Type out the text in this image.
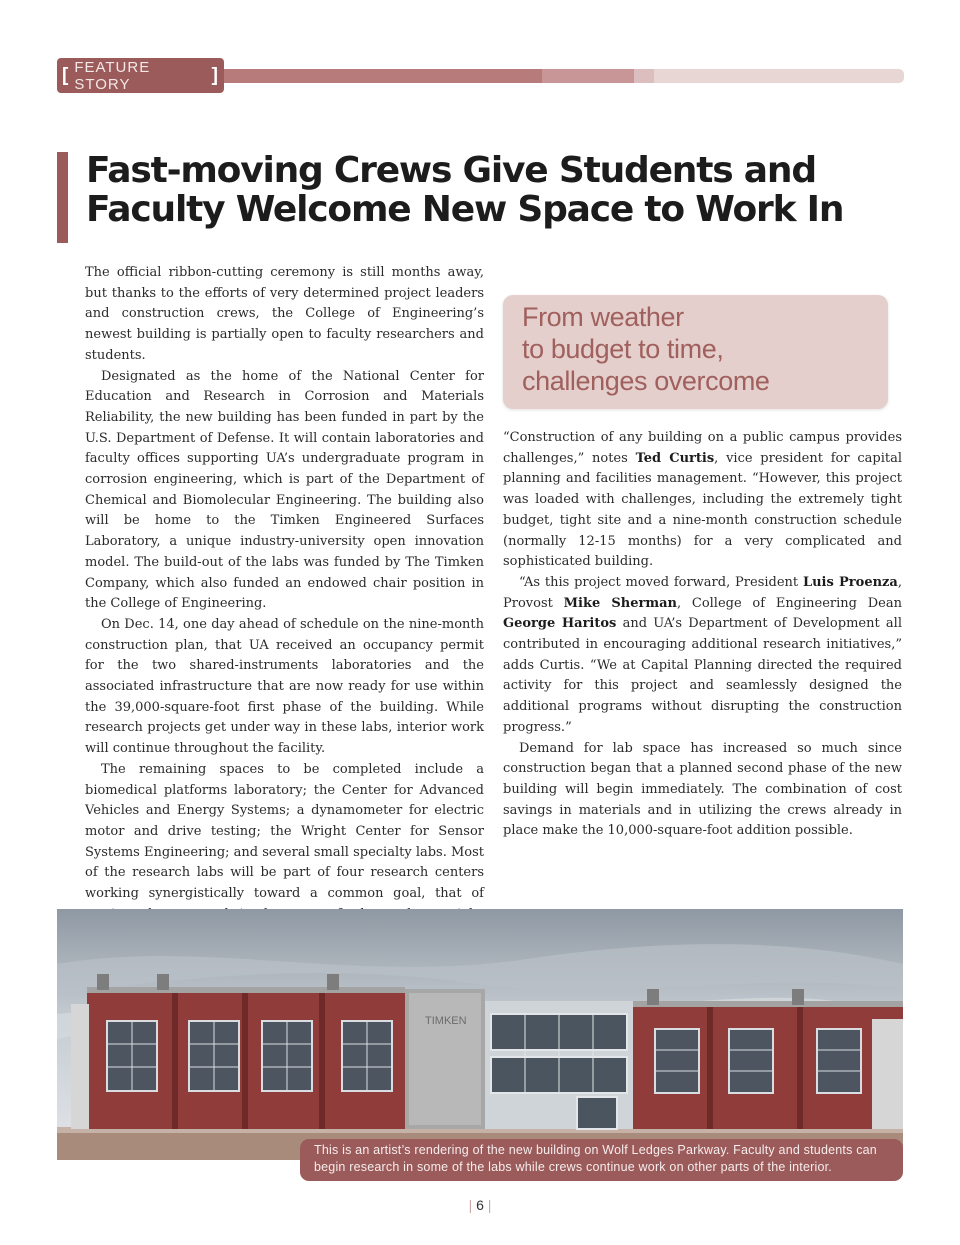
[ FEATURE STORY	]
Fast-moving Crews Give Students and Faculty Welcome New Space to Work In

The official ribbon-cutting ceremony is still months away, but thanks to the efforts of very determined project leaders and construction crews, the College of Engineering’s newest building is partially open to faculty researchers and students.

Designated as the home of the National Center for Education and Research in Corrosion and Materials Reliability, the new building has been funded in part by the U.S. Department of Defense. It will contain laboratories and faculty offices supporting UA’s undergraduate program in corrosion engineering, which is part of the Department of Chemical and Biomolecular Engineering. The building also will be home to the Timken Engineered Surfaces Laboratory, a unique industry-university open innovation model. The build-out of the labs was funded by The Timken Company, which also funded an endowed chair position in the College of Engineering.

On Dec. 14, one day ahead of schedule on the nine-month construction plan, that UA received an occupancy permit for the two shared-instruments laboratories and the associated infrastructure that are now ready for use within the 39,000-square-foot first phase of the building. While research projects get under way in these labs, interior work will continue throughout the facility.

The remaining spaces to be completed include a biomedical platforms laboratory; the Center for Advanced Vehicles and Energy Systems; a dynamometer for electric motor and drive testing; the Wright Center for Sensor Systems Engineering; and several small specialty labs. Most of the research labs will be part of four research centers working synergistically toward a common goal, that of

From weather
to budget to time,
challenges overcome

“Construction of any building on a public campus provides challenges,” notes Ted Curtis, vice president for capital planning and facilities management. “However, this project was loaded with challenges, including the extremely tight budget, tight site and a nine-month construction schedule (normally 12-15 months) for a very complicated and sophisticated building.

“As this project moved forward, President Luis Proenza, Provost Mike Sherman, College of Engineering Dean George Haritos and UA’s Department of Development all contributed in encouraging additional research initiatives,” adds Curtis. “We at Capital Planning directed the required activity for this project and seamlessly designed the additional programs without disrupting the construction progress.”

Demand for lab space has increased so much since construction began that a planned second phase of the new building will begin immediately. The combination of cost savings in materials and in utilizing the crews already in place make the 10,000-square-foot addition possible.

TIMKEN
This is an artist’s rendering of the new building on Wolf Ledges Parkway. Faculty and students can begin research in some of the labs while crews continue work on other parts of the interior.
| 6 |
